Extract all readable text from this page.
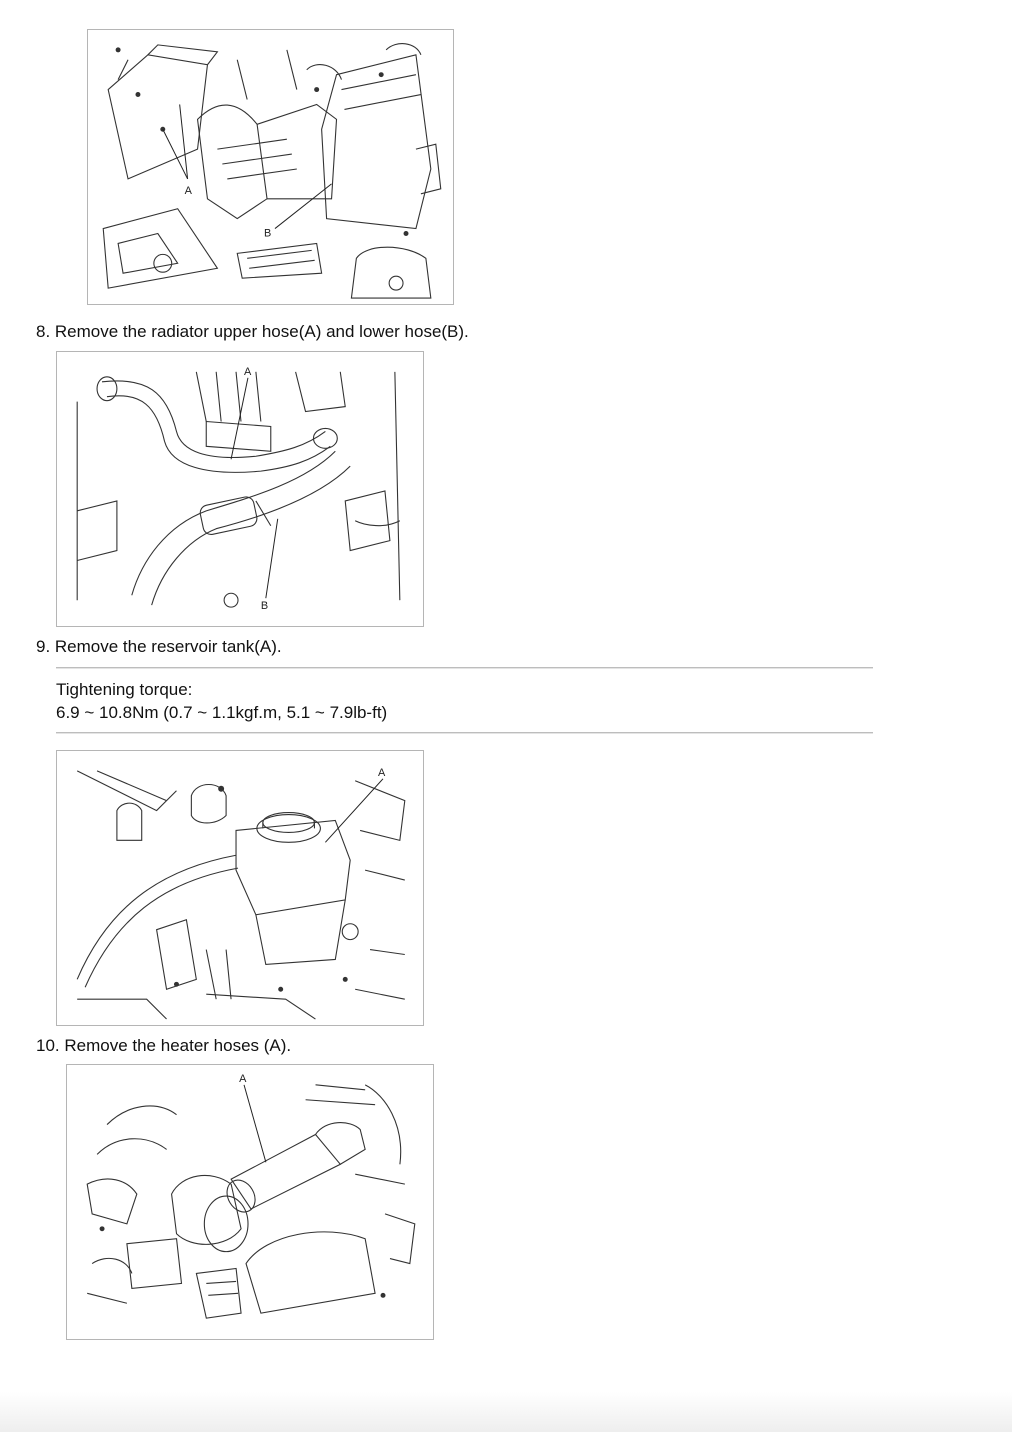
A
B
8. Remove the radiator upper hose(A) and lower hose(B).
A
B
9. Remove the reservoir tank(A).
Tightening torque:
6.9 ~ 10.8Nm (0.7 ~ 1.1kgf.m, 5.1 ~ 7.9lb-ft)
A
10. Remove the heater hoses (A).
A
